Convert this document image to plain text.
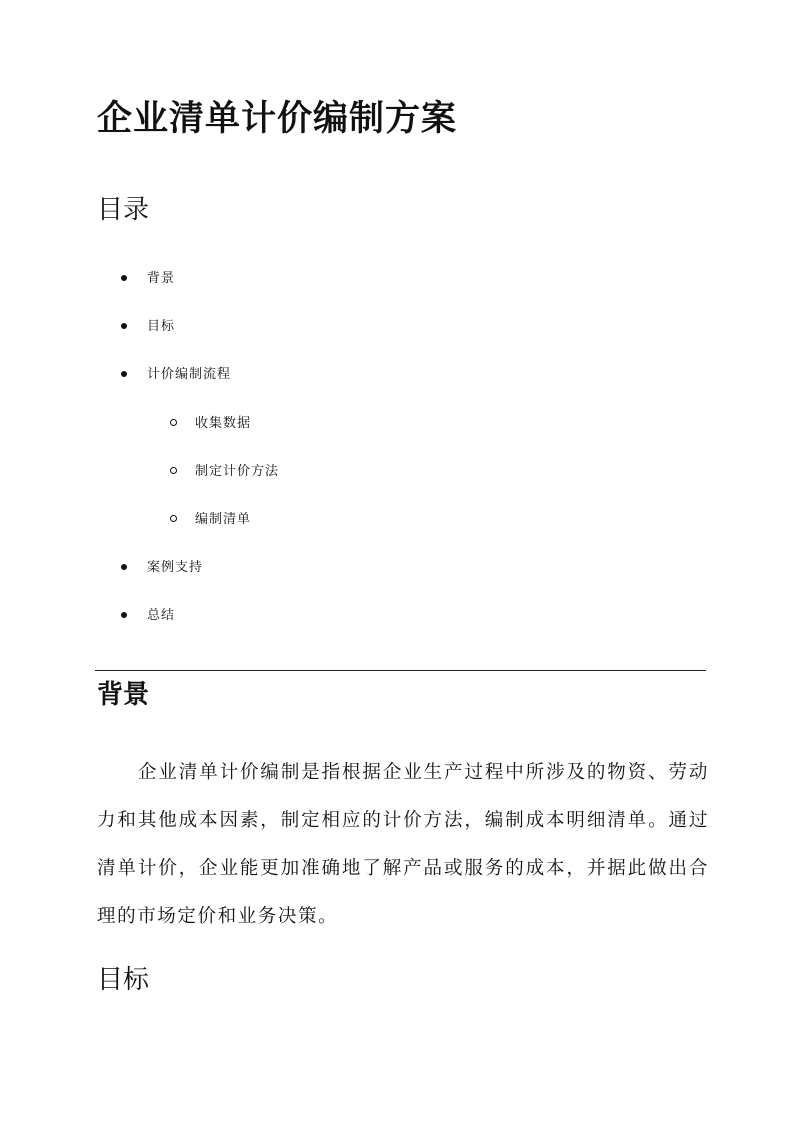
企业清单计价编制方案
目录
背景
目标
计价编制流程
收集数据
制定计价方法
编制清单
案例支持
总结
背景

企业清单计价编制是指根据企业生产过程中所涉及的物资、劳动力和其他成本因素，制定相应的计价方法，编制成本明细清单。通过清单计价，企业能更加准确地了解产品或服务的成本，并据此做出合理的市场定价和业务决策。

目标
